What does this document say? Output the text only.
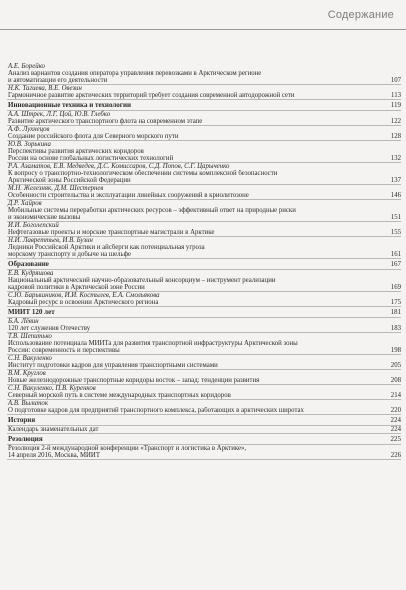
Содержание
А.Е. Борейко
Анализ вариантов создания оператора управления перевозками в Арктическом регионе
и автоматизации его деятельности	107
Н.К. Тагиева, В.Е. Овезин
Гармоничное развитие арктических территорий требует создания современной автодорожной сети	113
Инновационные техника и технологии	119
А.А. Штрек, Л.Г. Цой, Ю.В. Глебко
Развитие арктического транспортного флота на современном этапе	122
А.Ф. Лухнецов
Создание российского флота для Северного морского пути	128
Ю.В. Зорькина
Перспективы развития арктических коридоров
России на основе глобальных логистических технологий	132
Р.А. Азаматов, Е.В. Медведев, Д.С. Комиссаров, С.Д. Попов, С.Г. Царыченко
К вопросу о транспортно-технологическом обеспечении системы комплексной безопасности
Арктической зоны Российской Федерации	137
М.Н. Железняк, Д.М. Шестернев
Особенности строительства и эксплуатации линейных сооружений в криолитозоне	146
Д.Р. Хайров
Мобильные системы переработки арктических ресурсов – эффективный ответ на природные риски
и экономические вызовы	151
И.И. Боголепский
Нефтегазовые проекты и морские транспортные магистрали в Арктике	155
Н.И. Лавреттьев, И.В. Бузин
Ледники Российской Арктики и айсберги как потенциальная угроза
морскому транспорту и добыче на шельфе	161
Образование	167
Е.В. Кудряшова
Национальный арктический научно-образовательный консорциум – инструмент реализации
кадровой политики в Арктической зоне России	169
С.Ю. Барышников, И.И. Костылев, Е.А. Смольякова
Кадровый ресурс в освоении Арктического региона	175
МИИТ 120 лет	181
Б.А. Лёвин
120 лет служения Отечеству	183
Т.В. Шепитько
Использование потенциала МИИТа для развития транспортной инфраструктуры Арктической зоны
России: современность и перспективы	198
С.Н. Вакуленко
Институт подготовки кадров для управления транспортными системами	205
В.М. Круглов
Новые железнодорожные транспортные коридоры восток – запад: тенденции развития	208
С.Н. Вакуленко, П.В. Куренков
Северный морской путь в системе международных транспортных коридоров	214
А.В. Вылиток
О подготовке кадров для предприятий транспортного комплекса, работающих в арктических широтах	220
История	224
Календарь знаменательных дат	224
Резолюция	225
Резолюция 2-й международной конференции «Транспорт и логистика в Арктике»,
14 апреля 2016, Москва, МИИТ	226
